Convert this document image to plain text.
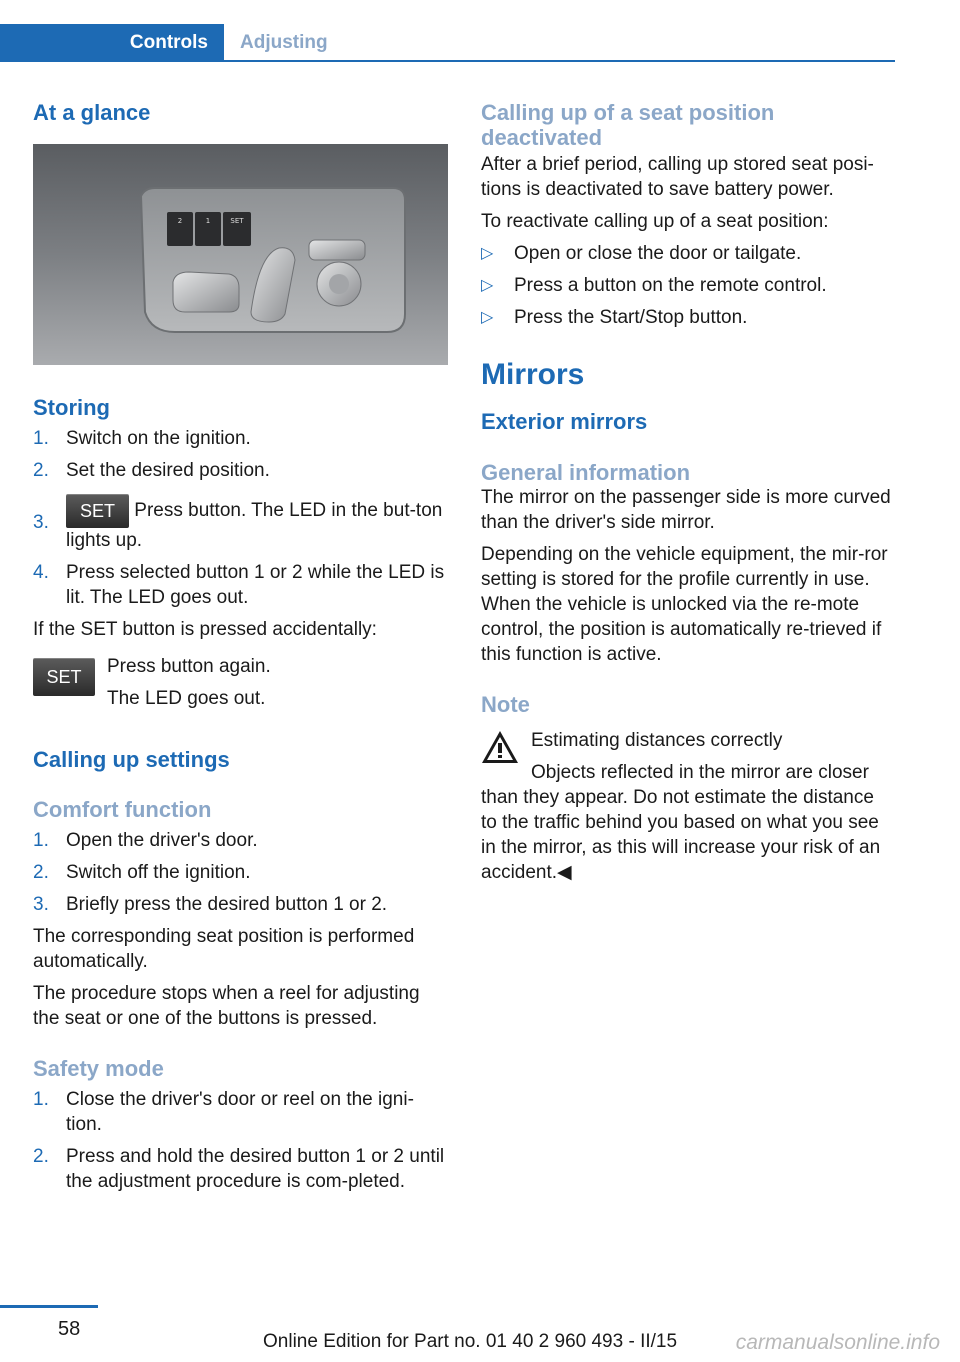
Controls	Adjusting
At a glance
2	1	SET
Storing
1. Switch on the ignition.
2. Set the desired position.
3.
SET Press button. The LED in the but‐ton lights up.
4. Press selected button 1 or 2 while the LED is lit. The LED goes out.

If the SET button is pressed accidentally:

SET	Press button again.

The LED goes out.

Calling up settings
Comfort function
1. Open the driver's door.
2. Switch off the ignition.
3. Briefly press the desired button 1 or 2.

The corresponding seat position is performed automatically.

The procedure stops when a reel for adjusting the seat or one of the buttons is pressed.

Safety mode
1. Close the driver's door or reel on the igni‐tion.
2. Press and hold the desired button 1 or 2 until the adjustment procedure is com‐pleted.
Calling up of a seat position deactivated

After a brief period, calling up stored seat posi‐tions is deactivated to save battery power.

To reactivate calling up of a seat position:

▷ Open or close the door or tailgate.
▷ Press a button on the remote control.
▷ Press the Start/Stop button.
Mirrors
Exterior mirrors
General information

The mirror on the passenger side is more curved than the driver's side mirror.

Depending on the vehicle equipment, the mir‐ror setting is stored for the profile currently in use. When the vehicle is unlocked via the re‐mote control, the position is automatically re‐trieved if this function is active.

Note

Estimating distances correctly

Objects reflected in the mirror are closer than they appear. Do not estimate the distance to the traffic behind you based on what you see in the mirror, as this will increase your risk of an accident.◀

58
Online Edition for Part no. 01 40 2 960 493 - II/15	carmanualsonline.info
